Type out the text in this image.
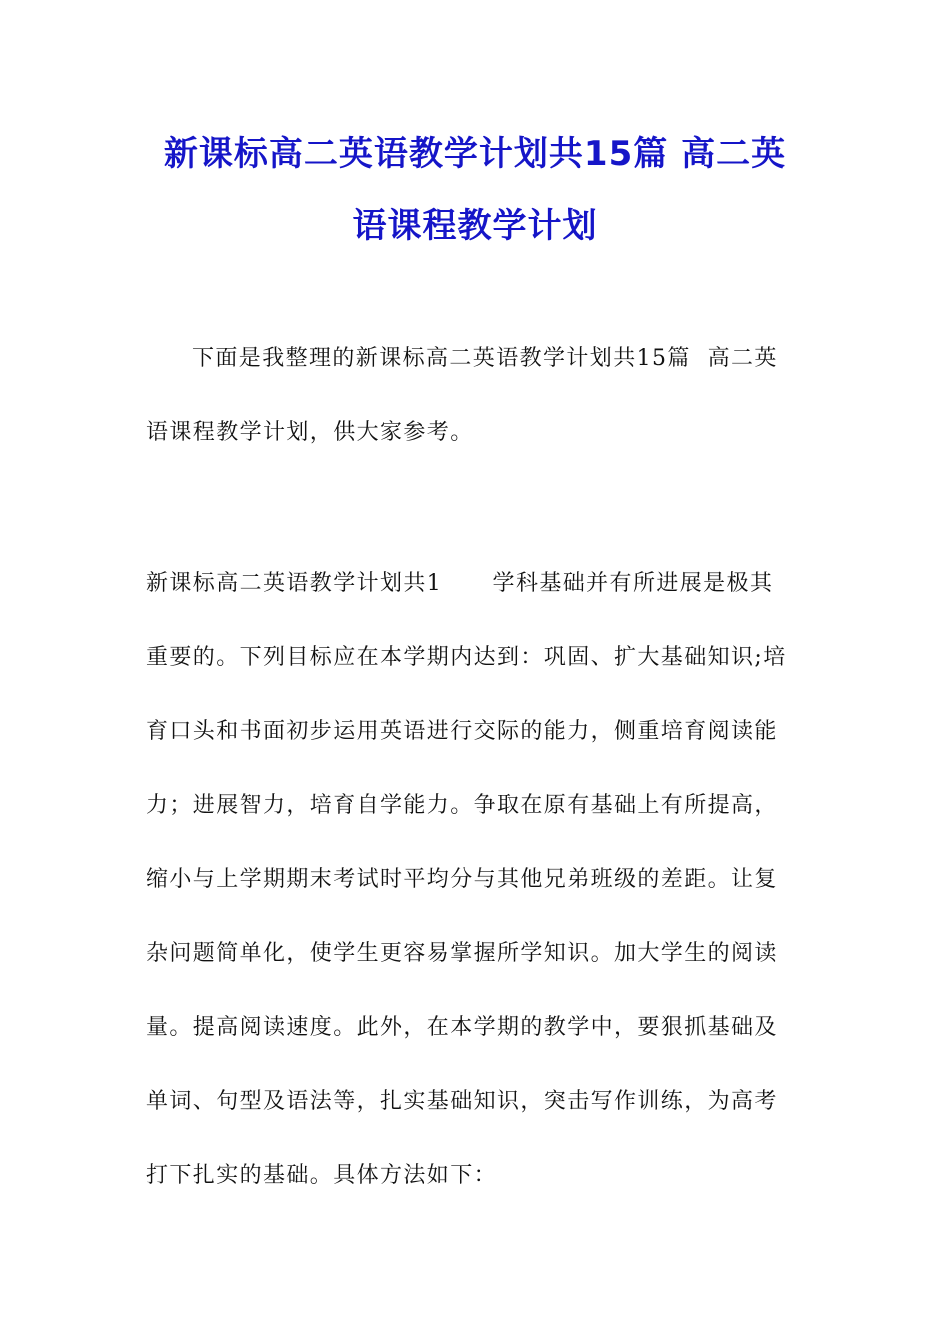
新课标高二英语教学计划共15篇 高二英
语课程教学计划
下面是我整理的新课标高二英语教学计划共15篇  高二英
语课程教学计划，供大家参考。
新课标高二英语教学计划共1      学科基础并有所进展是极其
重要的。下列目标应在本学期内达到：巩固、扩大基础知识;培
育口头和书面初步运用英语进行交际的能力，侧重培育阅读能
力；进展智力，培育自学能力。争取在原有基础上有所提高，
缩小与上学期期末考试时平均分与其他兄弟班级的差距。让复
杂问题简单化，使学生更容易掌握所学知识。加大学生的阅读
量。提高阅读速度。此外，在本学期的教学中，要狠抓基础及
单词、句型及语法等，扎实基础知识，突击写作训练，为高考
打下扎实的基础。具体方法如下：
